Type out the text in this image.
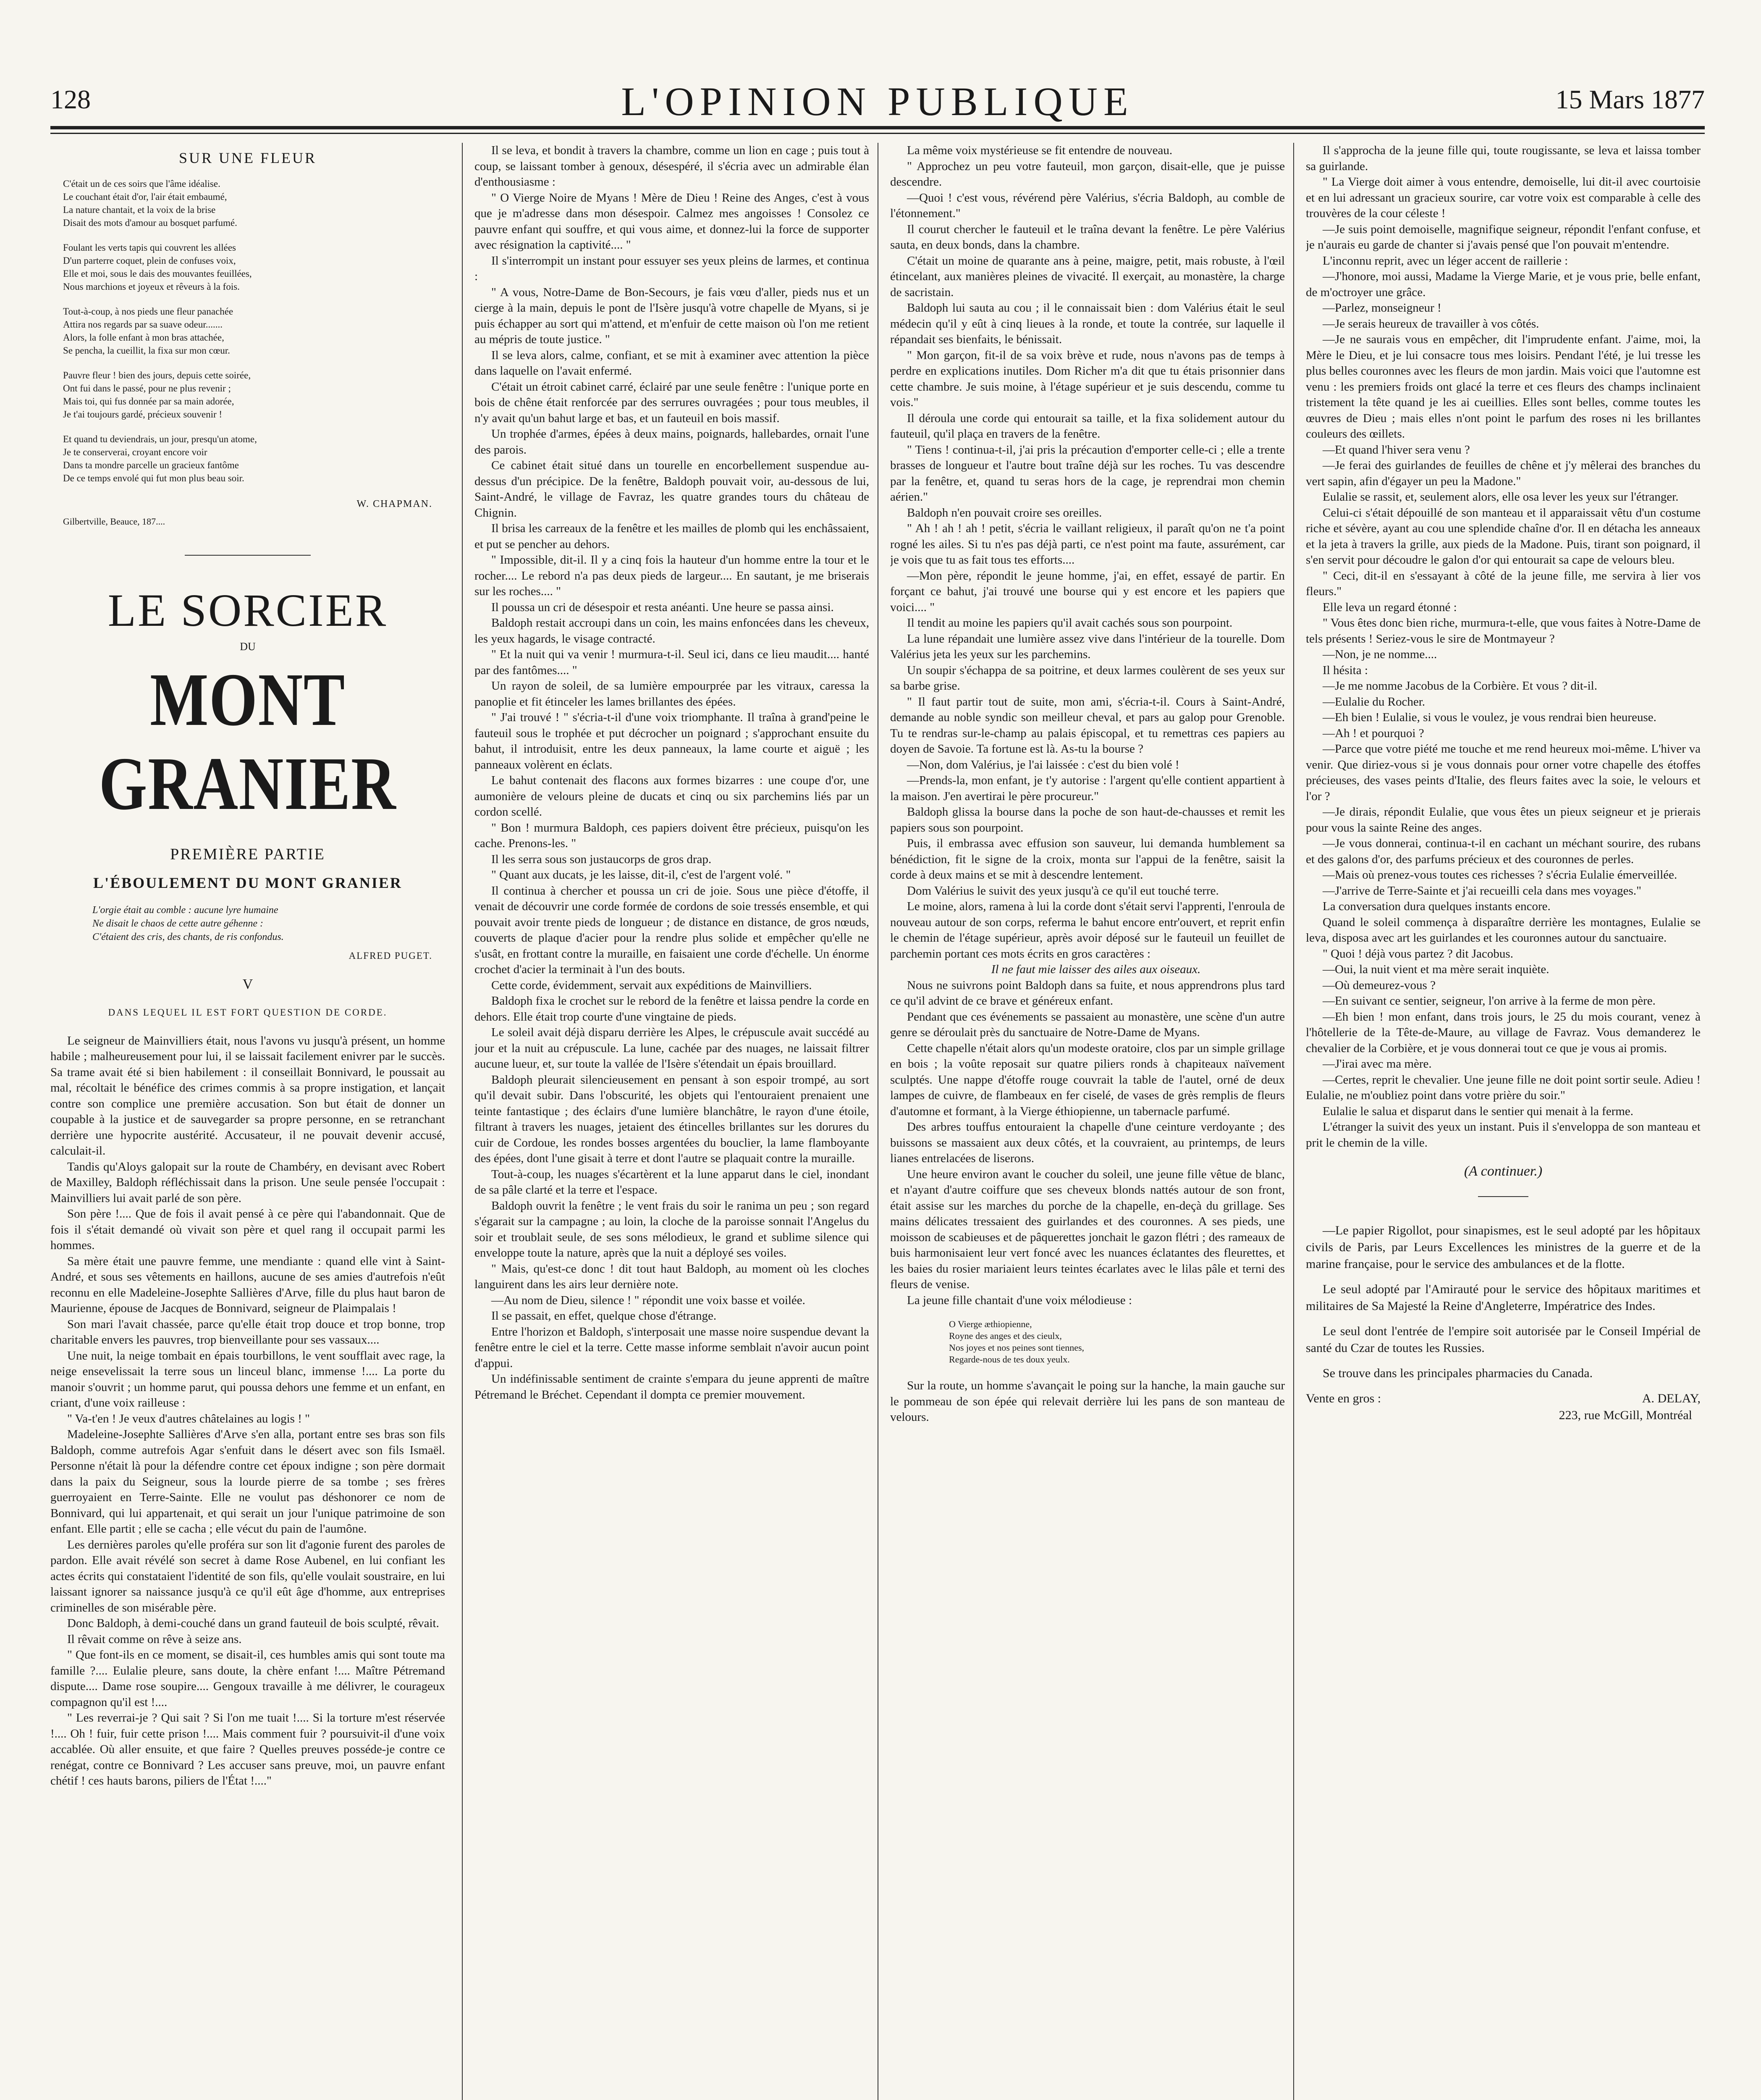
128	L'OPINION PUBLIQUE	15 Mars 1877
SUR UNE FLEUR
C'était un de ces soirs que l'âme idéalise.
Le couchant était d'or, l'air était embaumé,
La nature chantait, et la voix de la brise
Disait des mots d'amour au bosquet parfumé.
Foulant les verts tapis qui couvrent les allées
D'un parterre coquet, plein de confuses voix,
Elle et moi, sous le dais des mouvantes feuillées,
Nous marchions et joyeux et rêveurs à la fois.
Tout-à-coup, à nos pieds une fleur panachée
Attira nos regards par sa suave odeur.......
Alors, la folle enfant à mon bras attachée,
Se pencha, la cueillit, la fixa sur mon cœur.
Pauvre fleur ! bien des jours, depuis cette soirée,
Ont fui dans le passé, pour ne plus revenir ;
Mais toi, qui fus donnée par sa main adorée,
Je t'ai toujours gardé, précieux souvenir !
Et quand tu deviendrais, un jour, presqu'un atome,
Je te conserverai, croyant encore voir
Dans ta mondre parcelle un gracieux fantôme
De ce temps envolé qui fut mon plus beau soir.
W. CHAPMAN.
Gilbertville, Beauce, 187....
LE SORCIER
DU
MONT GRANIER
PREMIÈRE PARTIE
L'ÉBOULEMENT DU MONT GRANIER
L'orgie était au comble : aucune lyre humaine
Ne disait le chaos de cette autre géhenne :
C'étaient des cris, des chants, de ris confondus.
ALFRED PUGET.
V
DANS LEQUEL IL EST FORT QUESTION DE CORDE.

Le seigneur de Mainvilliers était, nous l'avons vu jusqu'à présent, un homme habile ; malheureusement pour lui, il se laissait facilement enivrer par le succès. Sa trame avait été si bien habilement : il conseillait Bonnivard, le poussait au mal, récoltait le bénéfice des crimes commis à sa propre instigation, et lançait contre son complice une première accusation. Son but était de donner un coupable à la justice et de sauvegarder sa propre personne, en se retranchant derrière une hypocrite austérité. Accusateur, il ne pouvait devenir accusé, calculait-il.

Tandis qu'Aloys galopait sur la route de Chambéry, en devisant avec Robert de Maxilley, Baldoph réfléchissait dans la prison. Une seule pensée l'occupait : Mainvilliers lui avait parlé de son père.

Son père !.... Que de fois il avait pensé à ce père qui l'abandonnait. Que de fois il s'était demandé où vivait son père et quel rang il occupait parmi les hommes.

Sa mère était une pauvre femme, une mendiante : quand elle vint à Saint-André, et sous ses vêtements en haillons, aucune de ses amies d'autrefois n'eût reconnu en elle Madeleine-Josephte Sallières d'Arve, fille du plus haut baron de Maurienne, épouse de Jacques de Bonnivard, seigneur de Plaimpalais !

Son mari l'avait chassée, parce qu'elle était trop douce et trop bonne, trop charitable envers les pauvres, trop bienveillante pour ses vassaux....

Une nuit, la neige tombait en épais tourbillons, le vent soufflait avec rage, la neige ensevelissait la terre sous un linceul blanc, immense !.... La porte du manoir s'ouvrit ; un homme parut, qui poussa dehors une femme et un enfant, en criant, d'une voix railleuse :

" Va-t'en ! Je veux d'autres châtelaines au logis ! "

Madeleine-Josephte Sallières d'Arve s'en alla, portant entre ses bras son fils Baldoph, comme autrefois Agar s'enfuit dans le désert avec son fils Ismaël. Personne n'était là pour la défendre contre cet époux indigne ; son père dormait dans la paix du Seigneur, sous la lourde pierre de sa tombe ; ses frères guerroyaient en Terre-Sainte. Elle ne voulut pas déshonorer ce nom de Bonnivard, qui lui appartenait, et qui serait un jour l'unique patrimoine de son enfant. Elle partit ; elle se cacha ; elle vécut du pain de l'aumône.

Les dernières paroles qu'elle proféra sur son lit d'agonie furent des paroles de pardon. Elle avait révélé son secret à dame Rose Aubenel, en lui confiant les actes écrits qui constataient l'identité de son fils, qu'elle voulait soustraire, en lui laissant ignorer sa naissance jusqu'à ce qu'il eût âge d'homme, aux entreprises criminelles de son misérable père.

Donc Baldoph, à demi-couché dans un grand fauteuil de bois sculpté, rêvait.

Il rêvait comme on rêve à seize ans.

" Que font-ils en ce moment, se disait-il, ces humbles amis qui sont toute ma famille ?.... Eulalie pleure, sans doute, la chère enfant !.... Maître Pétremand dispute.... Dame rose soupire.... Gengoux travaille à me délivrer, le courageux compagnon qu'il est !....

" Les reverrai-je ? Qui sait ? Si l'on me tuait !.... Si la torture m'est réservée !.... Oh ! fuir, fuir cette prison !.... Mais comment fuir ? poursuivit-il d'une voix accablée. Où aller ensuite, et que faire ? Quelles preuves posséde-je contre ce renégat, contre ce Bonnivard ? Les accuser sans preuve, moi, un pauvre enfant chétif ! ces hauts barons, piliers de l'État !...."

Il se leva, et bondit à travers la chambre, comme un lion en cage ; puis tout à coup, se laissant tomber à genoux, désespéré, il s'écria avec un admirable élan d'enthousiasme :

" O Vierge Noire de Myans ! Mère de Dieu ! Reine des Anges, c'est à vous que je m'adresse dans mon désespoir. Calmez mes angoisses ! Consolez ce pauvre enfant qui souffre, et qui vous aime, et donnez-lui la force de supporter avec résignation la captivité.... "

Il s'interrompit un instant pour essuyer ses yeux pleins de larmes, et continua :

" A vous, Notre-Dame de Bon-Secours, je fais vœu d'aller, pieds nus et un cierge à la main, depuis le pont de l'Isère jusqu'à votre chapelle de Myans, si je puis échapper au sort qui m'attend, et m'enfuir de cette maison où l'on me retient au mépris de toute justice. "

Il se leva alors, calme, confiant, et se mit à examiner avec attention la pièce dans laquelle on l'avait enfermé.

C'était un étroit cabinet carré, éclairé par une seule fenêtre : l'unique porte en bois de chêne était renforcée par des serrures ouvragées ; pour tous meubles, il n'y avait qu'un bahut large et bas, et un fauteuil en bois massif.

Un trophée d'armes, épées à deux mains, poignards, hallebardes, ornait l'une des parois.

Ce cabinet était situé dans un tourelle en encorbellement suspendue au-dessus d'un précipice. De la fenêtre, Baldoph pouvait voir, au-dessous de lui, Saint-André, le village de Favraz, les quatre grandes tours du château de Chignin.

Il brisa les carreaux de la fenêtre et les mailles de plomb qui les enchâssaient, et put se pencher au dehors.

" Impossible, dit-il. Il y a cinq fois la hauteur d'un homme entre la tour et le rocher.... Le rebord n'a pas deux pieds de largeur.... En sautant, je me briserais sur les roches.... "

Il poussa un cri de désespoir et resta anéanti. Une heure se passa ainsi.

Baldoph restait accroupi dans un coin, les mains enfoncées dans les cheveux, les yeux hagards, le visage contracté.

" Et la nuit qui va venir ! murmura-t-il. Seul ici, dans ce lieu maudit.... hanté par des fantômes.... "

Un rayon de soleil, de sa lumière empourprée par les vitraux, caressa la panoplie et fit étinceler les lames brillantes des épées.

" J'ai trouvé ! " s'écria-t-il d'une voix triomphante. Il traîna à grand'peine le fauteuil sous le trophée et put décrocher un poignard ; s'approchant ensuite du bahut, il introduisit, entre les deux panneaux, la lame courte et aiguë ; les panneaux volèrent en éclats.

Le bahut contenait des flacons aux formes bizarres : une coupe d'or, une aumonière de velours pleine de ducats et cinq ou six parchemins liés par un cordon scellé.

" Bon ! murmura Baldoph, ces papiers doivent être précieux, puisqu'on les cache. Prenons-les. "

Il les serra sous son justaucorps de gros drap.

" Quant aux ducats, je les laisse, dit-il, c'est de l'argent volé. "

Il continua à chercher et poussa un cri de joie. Sous une pièce d'étoffe, il venait de découvrir une corde formée de cordons de soie tressés ensemble, et qui pouvait avoir trente pieds de longueur ; de distance en distance, de gros nœuds, couverts de plaque d'acier pour la rendre plus solide et empêcher qu'elle ne s'usât, en frottant contre la muraille, en faisaient une corde d'échelle. Un énorme crochet d'acier la terminait à l'un des bouts.

Cette corde, évidemment, servait aux expéditions de Mainvilliers.

Baldoph fixa le crochet sur le rebord de la fenêtre et laissa pendre la corde en dehors. Elle était trop courte d'une vingtaine de pieds.

Le soleil avait déjà disparu derrière les Alpes, le crépuscule avait succédé au jour et la nuit au crépuscule. La lune, cachée par des nuages, ne laissait filtrer aucune lueur, et, sur toute la vallée de l'Isère s'étendait un épais brouillard.

Baldoph pleurait silencieusement en pensant à son espoir trompé, au sort qu'il devait subir. Dans l'obscurité, les objets qui l'entouraient prenaient une teinte fantastique ; des éclairs d'une lumière blanchâtre, le rayon d'une étoile, filtrant à travers les nuages, jetaient des étincelles brillantes sur les dorures du cuir de Cordoue, les rondes bosses argentées du bouclier, la lame flamboyante des épées, dont l'une gisait à terre et dont l'autre se plaquait contre la muraille.

Tout-à-coup, les nuages s'écartèrent et la lune apparut dans le ciel, inondant de sa pâle clarté et la terre et l'espace.

Baldoph ouvrit la fenêtre ; le vent frais du soir le ranima un peu ; son regard s'égarait sur la campagne ; au loin, la cloche de la paroisse sonnait l'Angelus du soir et troublait seule, de ses sons mélodieux, le grand et sublime silence qui enveloppe toute la nature, après que la nuit a déployé ses voiles.

" Mais, qu'est-ce donc ! dit tout haut Baldoph, au moment où les cloches languirent dans les airs leur dernière note.

—Au nom de Dieu, silence ! " répondit une voix basse et voilée.

Il se passait, en effet, quelque chose d'étrange.

Entre l'horizon et Baldoph, s'interposait une masse noire suspendue devant la fenêtre entre le ciel et la terre. Cette masse informe semblait n'avoir aucun point d'appui.

Un indéfinissable sentiment de crainte s'empara du jeune apprenti de maître Pétremand le Bréchet. Cependant il dompta ce premier mouvement.

La même voix mystérieuse se fit entendre de nouveau.

" Approchez un peu votre fauteuil, mon garçon, disait-elle, que je puisse descendre.

—Quoi ! c'est vous, révérend père Valérius, s'écria Baldoph, au comble de l'étonnement."

Il courut chercher le fauteuil et le traîna devant la fenêtre. Le père Valérius sauta, en deux bonds, dans la chambre.

C'était un moine de quarante ans à peine, maigre, petit, mais robuste, à l'œil étincelant, aux manières pleines de vivacité. Il exerçait, au monastère, la charge de sacristain.

Baldoph lui sauta au cou ; il le connaissait bien : dom Valérius était le seul médecin qu'il y eût à cinq lieues à la ronde, et toute la contrée, sur laquelle il répandait ses bienfaits, le bénissait.

" Mon garçon, fit-il de sa voix brève et rude, nous n'avons pas de temps à perdre en explications inutiles. Dom Richer m'a dit que tu étais prisonnier dans cette chambre. Je suis moine, à l'étage supérieur et je suis descendu, comme tu vois."

Il déroula une corde qui entourait sa taille, et la fixa solidement autour du fauteuil, qu'il plaça en travers de la fenêtre.

" Tiens ! continua-t-il, j'ai pris la précaution d'emporter celle-ci ; elle a trente brasses de longueur et l'autre bout traîne déjà sur les roches. Tu vas descendre par la fenêtre, et, quand tu seras hors de la cage, je reprendrai mon chemin aérien."

Baldoph n'en pouvait croire ses oreilles.

" Ah ! ah ! ah ! petit, s'écria le vaillant religieux, il paraît qu'on ne t'a point rogné les ailes. Si tu n'es pas déjà parti, ce n'est point ma faute, assurément, car je vois que tu as fait tous tes efforts....

—Mon père, répondit le jeune homme, j'ai, en effet, essayé de partir. En forçant ce bahut, j'ai trouvé une bourse qui y est encore et les papiers que voici.... "

Il tendit au moine les papiers qu'il avait cachés sous son pourpoint.

La lune répandait une lumière assez vive dans l'intérieur de la tourelle. Dom Valérius jeta les yeux sur les parchemins.

Un soupir s'échappa de sa poitrine, et deux larmes coulèrent de ses yeux sur sa barbe grise.

" Il faut partir tout de suite, mon ami, s'écria-t-il. Cours à Saint-André, demande au noble syndic son meilleur cheval, et pars au galop pour Grenoble. Tu te rendras sur-le-champ au palais épiscopal, et tu remettras ces papiers au doyen de Savoie. Ta fortune est là. As-tu la bourse ?

—Non, dom Valérius, je l'ai laissée : c'est du bien volé !

—Prends-la, mon enfant, je t'y autorise : l'argent qu'elle contient appartient à la maison. J'en avertirai le père procureur."

Baldoph glissa la bourse dans la poche de son haut-de-chausses et remit les papiers sous son pourpoint.

Puis, il embrassa avec effusion son sauveur, lui demanda humblement sa bénédiction, fit le signe de la croix, monta sur l'appui de la fenêtre, saisit la corde à deux mains et se mit à descendre lentement.

Dom Valérius le suivit des yeux jusqu'à ce qu'il eut touché terre.

Le moine, alors, ramena à lui la corde dont s'était servi l'apprenti, l'enroula de nouveau autour de son corps, referma le bahut encore entr'ouvert, et reprit enfin le chemin de l'étage supérieur, après avoir déposé sur le fauteuil un feuillet de parchemin portant ces mots écrits en gros caractères :

Il ne faut mie laisser des ailes aux oiseaux.

Nous ne suivrons point Baldoph dans sa fuite, et nous apprendrons plus tard ce qu'il advint de ce brave et généreux enfant.

Pendant que ces événements se passaient au monastère, une scène d'un autre genre se déroulait près du sanctuaire de Notre-Dame de Myans.

Cette chapelle n'était alors qu'un modeste oratoire, clos par un simple grillage en bois ; la voûte reposait sur quatre piliers ronds à chapiteaux naïvement sculptés. Une nappe d'étoffe rouge couvrait la table de l'autel, orné de deux lampes de cuivre, de flambeaux en fer ciselé, de vases de grès remplis de fleurs d'automne et formant, à la Vierge éthiopienne, un tabernacle parfumé.

Des arbres touffus entouraient la chapelle d'une ceinture verdoyante ; des buissons se massaient aux deux côtés, et la couvraient, au printemps, de leurs lianes entrelacées de liserons.

Une heure environ avant le coucher du soleil, une jeune fille vêtue de blanc, et n'ayant d'autre coiffure que ses cheveux blonds nattés autour de son front, était assise sur les marches du porche de la chapelle, en-deçà du grillage. Ses mains délicates tressaient des guirlandes et des couronnes. A ses pieds, une moisson de scabieuses et de pâquerettes jonchait le gazon flétri ; des rameaux de buis harmonisaient leur vert foncé avec les nuances éclatantes des fleurettes, et les baies du rosier mariaient leurs teintes écarlates avec le lilas pâle et terni des fleurs de venise.

La jeune fille chantait d'une voix mélodieuse :

O Vierge æthiopienne,
Royne des anges et des cieulx,
Nos joyes et nos peines sont tiennes,
Regarde-nous de tes doux yeulx.

Sur la route, un homme s'avançait le poing sur la hanche, la main gauche sur le pommeau de son épée qui relevait derrière lui les pans de son manteau de velours.

Il s'approcha de la jeune fille qui, toute rougissante, se leva et laissa tomber sa guirlande.

" La Vierge doit aimer à vous entendre, demoiselle, lui dit-il avec courtoisie et en lui adressant un gracieux sourire, car votre voix est comparable à celle des trouvères de la cour céleste !

—Je suis point demoiselle, magnifique seigneur, répondit l'enfant confuse, et je n'aurais eu garde de chanter si j'avais pensé que l'on pouvait m'entendre.

L'inconnu reprit, avec un léger accent de raillerie :

—J'honore, moi aussi, Madame la Vierge Marie, et je vous prie, belle enfant, de m'octroyer une grâce.

—Parlez, monseigneur !

—Je serais heureux de travailler à vos côtés.

—Je ne saurais vous en empêcher, dit l'imprudente enfant. J'aime, moi, la Mère le Dieu, et je lui consacre tous mes loisirs. Pendant l'été, je lui tresse les plus belles couronnes avec les fleurs de mon jardin. Mais voici que l'automne est venu : les premiers froids ont glacé la terre et ces fleurs des champs inclinaient tristement la tête quand je les ai cueillies. Elles sont belles, comme toutes les œuvres de Dieu ; mais elles n'ont point le parfum des roses ni les brillantes couleurs des œillets.

—Et quand l'hiver sera venu ?

—Je ferai des guirlandes de feuilles de chêne et j'y mêlerai des branches du vert sapin, afin d'égayer un peu la Madone."

Eulalie se rassit, et, seulement alors, elle osa lever les yeux sur l'étranger.

Celui-ci s'était dépouillé de son manteau et il apparaissait vêtu d'un costume riche et sévère, ayant au cou une splendide chaîne d'or. Il en détacha les anneaux et la jeta à travers la grille, aux pieds de la Madone. Puis, tirant son poignard, il s'en servit pour découdre le galon d'or qui entourait sa cape de velours bleu.

" Ceci, dit-il en s'essayant à côté de la jeune fille, me servira à lier vos fleurs."

Elle leva un regard étonné :

" Vous êtes donc bien riche, murmura-t-elle, que vous faites à Notre-Dame de tels présents ! Seriez-vous le sire de Montmayeur ?

—Non, je ne nomme....

Il hésita :

—Je me nomme Jacobus de la Corbière. Et vous ? dit-il.

—Eulalie du Rocher.

—Eh bien ! Eulalie, si vous le voulez, je vous rendrai bien heureuse.

—Ah ! et pourquoi ?

—Parce que votre piété me touche et me rend heureux moi-même. L'hiver va venir. Que diriez-vous si je vous donnais pour orner votre chapelle des étoffes précieuses, des vases peints d'Italie, des fleurs faites avec la soie, le velours et l'or ?

—Je dirais, répondit Eulalie, que vous êtes un pieux seigneur et je prierais pour vous la sainte Reine des anges.

—Je vous donnerai, continua-t-il en cachant un méchant sourire, des rubans et des galons d'or, des parfums précieux et des couronnes de perles.

—Mais où prenez-vous toutes ces richesses ? s'écria Eulalie émerveillée.

—J'arrive de Terre-Sainte et j'ai recueilli cela dans mes voyages."

La conversation dura quelques instants encore.

Quand le soleil commença à disparaître derrière les montagnes, Eulalie se leva, disposa avec art les guirlandes et les couronnes autour du sanctuaire.

" Quoi ! déjà vous partez ? dit Jacobus.

—Oui, la nuit vient et ma mère serait inquiète.

—Où demeurez-vous ?

—En suivant ce sentier, seigneur, l'on arrive à la ferme de mon père.

—Eh bien ! mon enfant, dans trois jours, le 25 du mois courant, venez à l'hôtellerie de la Tête-de-Maure, au village de Favraz. Vous demanderez le chevalier de la Corbière, et je vous donnerai tout ce que je vous ai promis.

—J'irai avec ma mère.

—Certes, reprit le chevalier. Une jeune fille ne doit point sortir seule. Adieu ! Eulalie, ne m'oubliez point dans votre prière du soir."

Eulalie le salua et disparut dans le sentier qui menait à la ferme.

L'étranger la suivit des yeux un instant. Puis il s'enveloppa de son manteau et prit le chemin de la ville.

(A continuer.)

—Le papier Rigollot, pour sinapismes, est le seul adopté par les hôpitaux civils de Paris, par Leurs Excellences les ministres de la guerre et de la marine française, pour le service des ambulances et de la flotte.

Le seul adopté par l'Amirauté pour le service des hôpitaux maritimes et militaires de Sa Majesté la Reine d'Angleterre, Impératrice des Indes.

Le seul dont l'entrée de l'empire soit autorisée par le Conseil Impérial de santé du Czar de toutes les Russies.

Se trouve dans les principales pharmacies du Canada.

Vente en gros :	A. DELAY,
223, rue McGill, Montréal
